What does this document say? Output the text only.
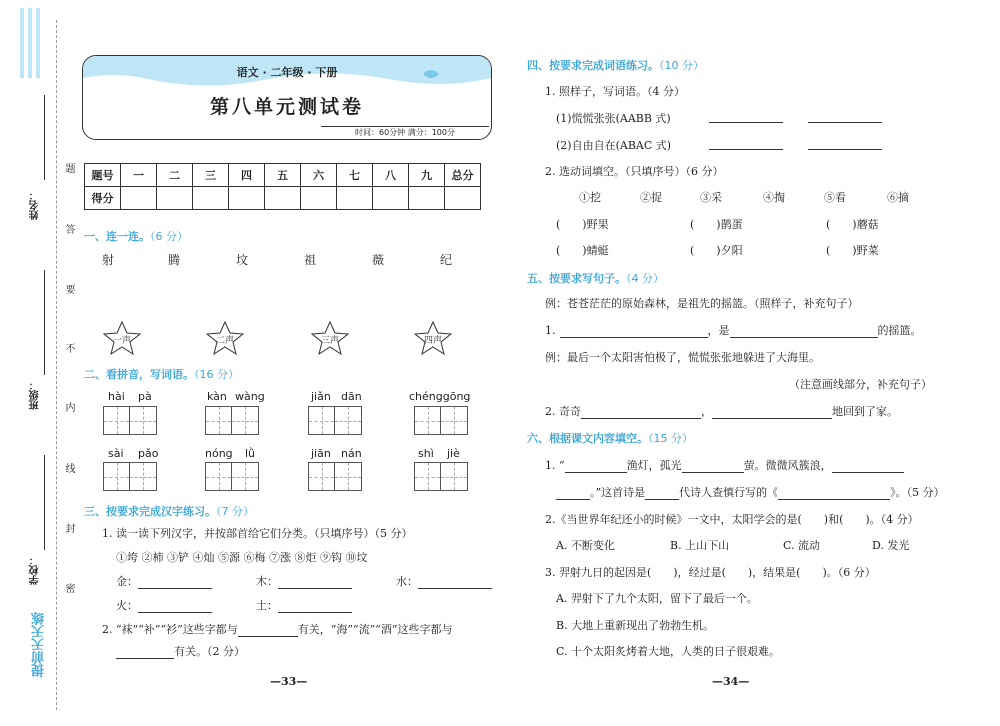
姓名：
班级：
学校：
题
答
要
不
内
线
封
密
提前天天练
语文 · 二年级 · 下册
第八单元测试卷
时间：60分钟 满分：100分
题号	一	二	三	四	五	六	七	八	九	总分
得分										
一、连一连。（6 分）
射	腾	坟	祖	薇	纪
一声	二声	三声	四声
二、看拼音，写词语。（16 分）
hài pà	kàn wàng	jiǎn dān	chénggōng
sài pǎo	nóng lǜ	jiān nán	shì jiè
三、按要求完成汉字练习。（7 分）
1. 读一读下列汉字，并按部首给它们分类。（只填序号）（5 分）
①垮 ②柿 ③铲 ④灿 ⑤源 ⑥梅 ⑦涨 ⑧炬 ⑨钩 ⑩坟
金：	木：	水：
火：	土：
2. “袜”“补”“衫”这些字都与	有关，“海”“流”“酒”这些字都与
有关。（2 分）
—33—
四、按要求完成词语练习。（10 分）
1. 照样子，写词语。（4 分）
(1)慌慌张张(AABB 式)
(2)自由自在(ABAC 式)
2. 选动词填空。（只填序号）（6 分）
①挖	②捉	③采	④掏	⑤看	⑥摘
(　　)野果	(　　)鹊蛋	(　　)蘑菇
(　　)蜻蜓	(　　)夕阳	(　　)野菜
五、按要求写句子。（4 分）
例：苍苍茫茫的原始森林，是祖先的摇篮。（照样子，补充句子）
1.	，是	的摇篮。
例：最后一个太阳害怕极了，慌慌张张地躲进了大海里。
（注意画线部分，补充句子）
2. 奇奇	，	地回到了家。
六、根据课文内容填空。（15 分）
1. “	渔灯，孤光	萤。微微风簇浪，
。”这首诗是	代诗人查慎行写的《	》。（5 分）
2.《当世界年纪还小的时候》一文中，太阳学会的是(　　)和(　　)。（4 分）
A. 不断变化	B. 上山下山	C. 流动	D. 发光
3. 羿射九日的起因是(　　)，经过是(　　)，结果是(　　)。（6 分）
A. 羿射下了九个太阳，留下了最后一个。
B. 大地上重新现出了勃勃生机。
C. 十个太阳炙烤着大地，人类的日子很艰难。
—34—
